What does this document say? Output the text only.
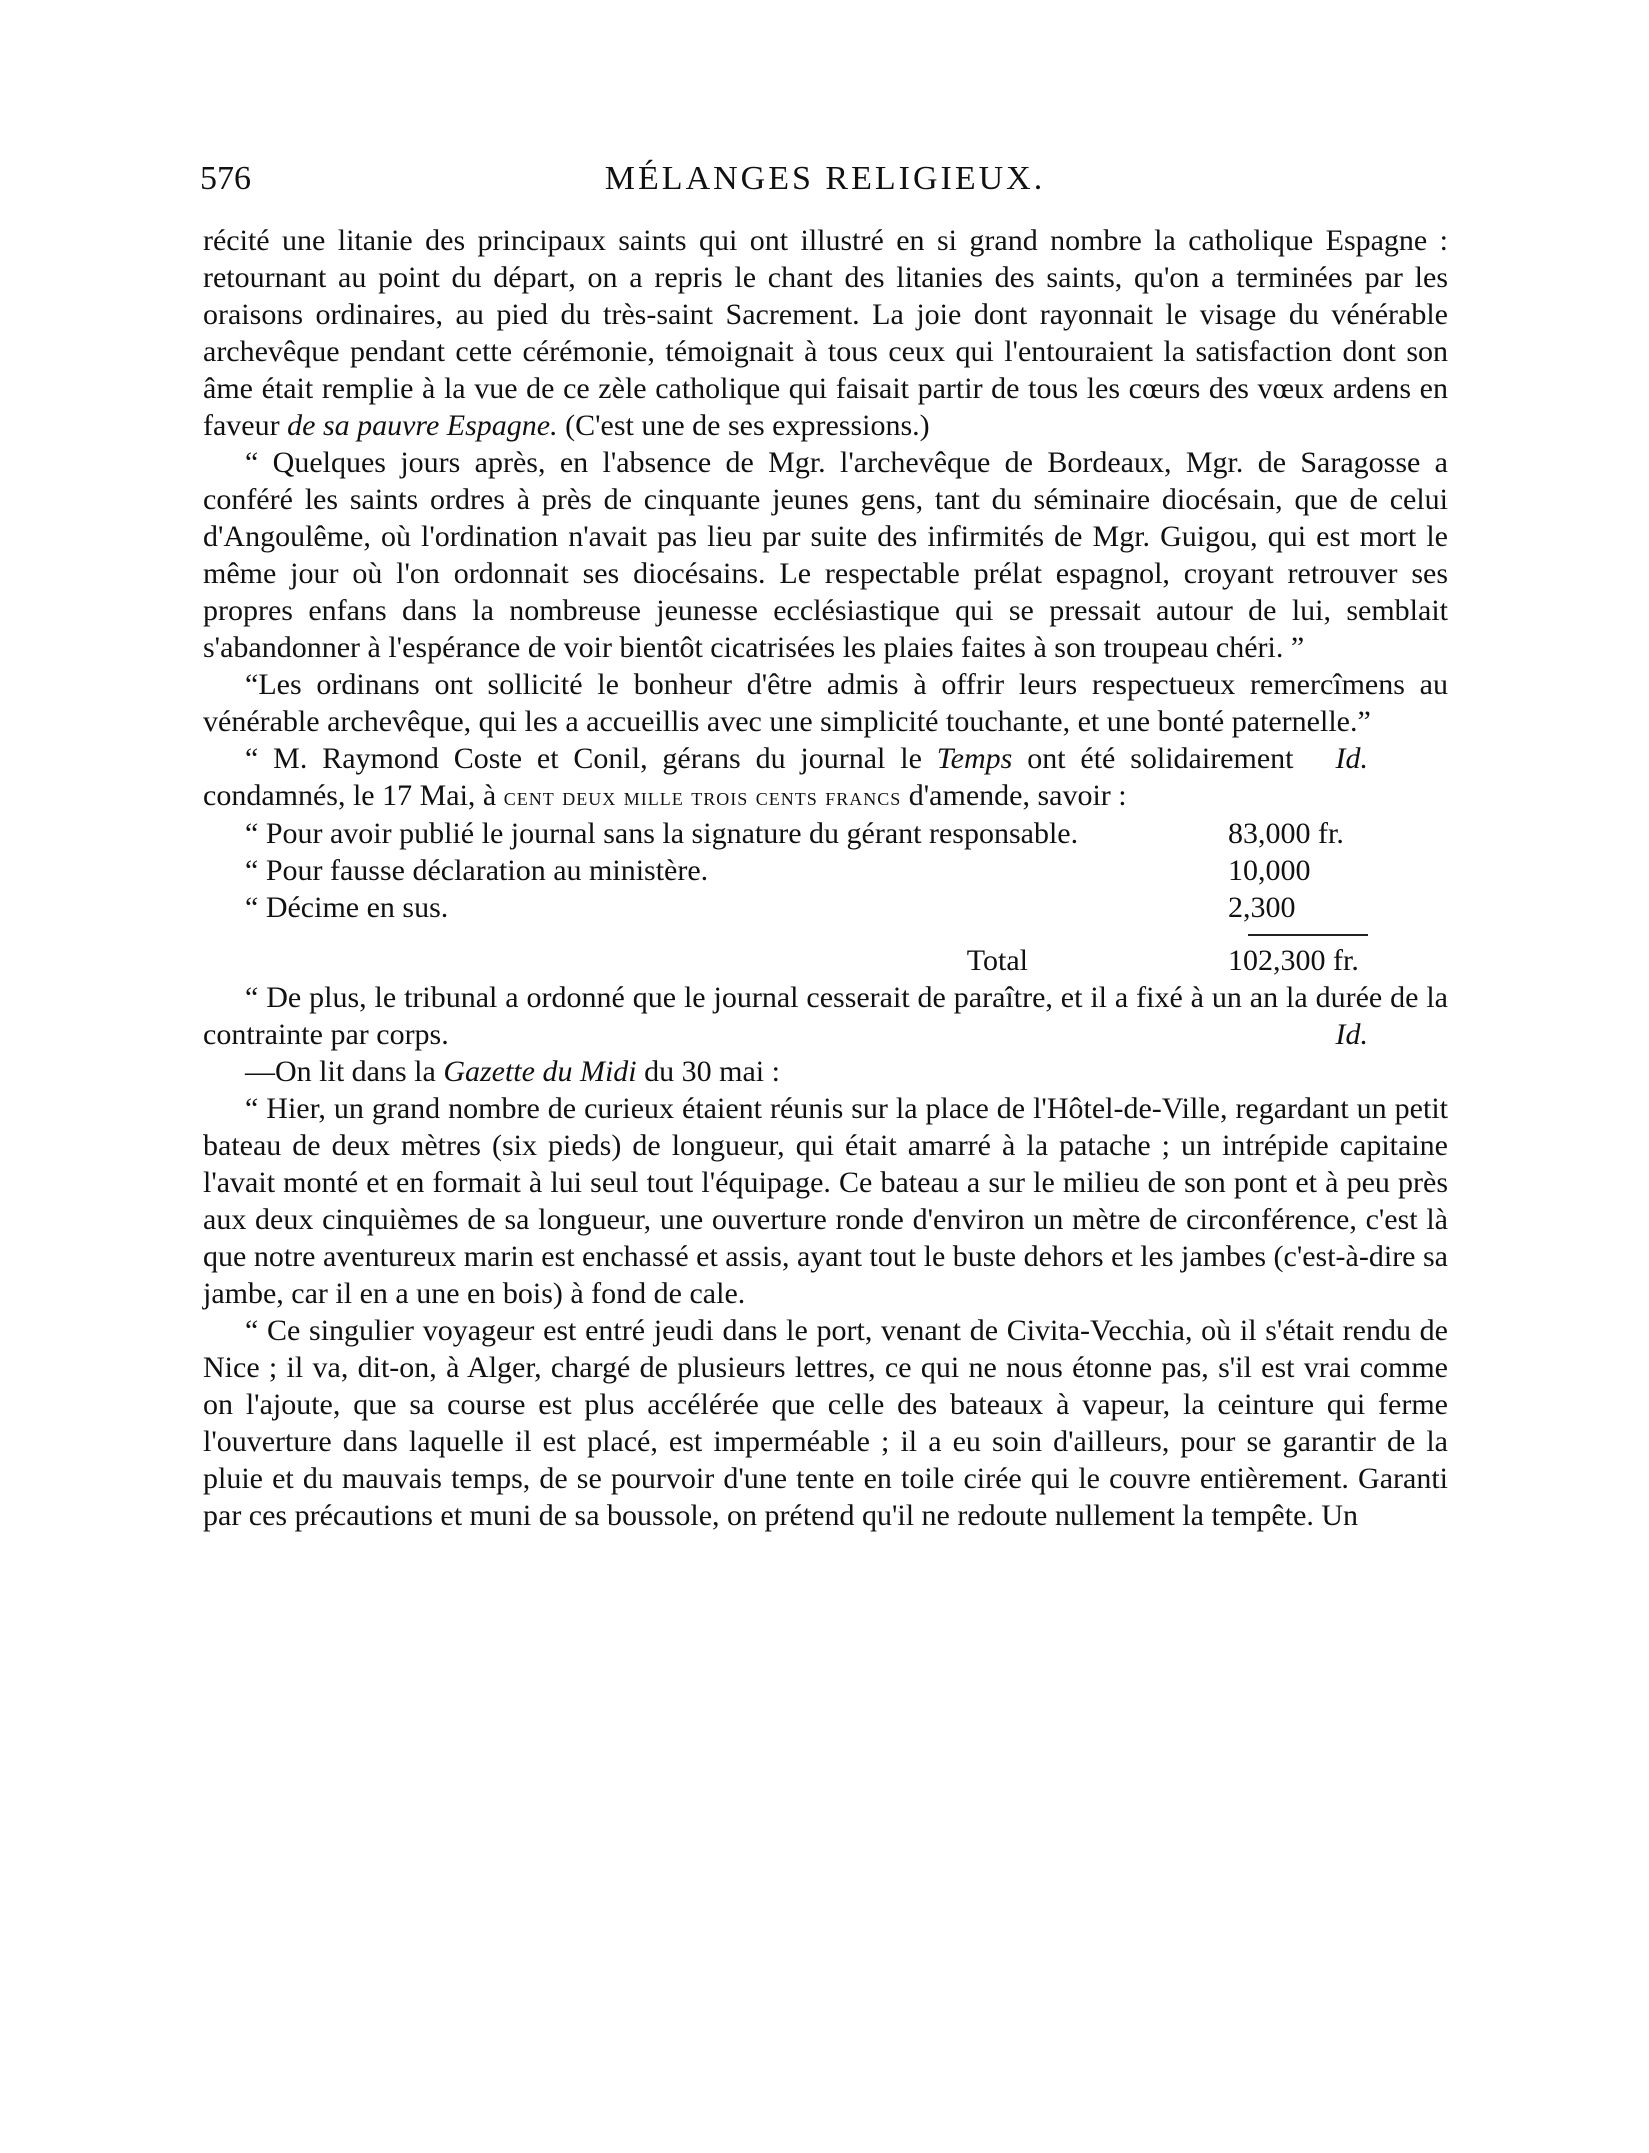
576	MÉLANGES RELIGIEUX.

récité une litanie des principaux saints qui ont illustré en si grand nombre la catholique Espagne : retournant au point du départ, on a repris le chant des litanies des saints, qu'on a terminées par les oraisons ordinaires, au pied du très-saint Sacrement. La joie dont rayonnait le visage du vénérable archevêque pendant cette cérémonie, témoignait à tous ceux qui l'entouraient la satisfaction dont son âme était remplie à la vue de ce zèle catholique qui faisait partir de tous les cœurs des vœux ardens en faveur de sa pauvre Espagne. (C'est une de ses expressions.)

“ Quelques jours après, en l'absence de Mgr. l'archevêque de Bordeaux, Mgr. de Saragosse a conféré les saints ordres à près de cinquante jeunes gens, tant du séminaire diocésain, que de celui d'Angoulême, où l'ordination n'avait pas lieu par suite des infirmités de Mgr. Guigou, qui est mort le même jour où l'on ordonnait ses diocésains. Le respectable prélat espagnol, croyant retrouver ses propres enfans dans la nombreuse jeunesse ecclésiastique qui se pressait autour de lui, semblait s'abandonner à l'espérance de voir bientôt cicatrisées les plaies faites à son troupeau chéri. ”

“Les ordinans ont sollicité le bonheur d'être admis à offrir leurs respectueux remercîmens au vénérable archevêque, qui les a accueillis avec une simplicité touchante, et une bonté paternelle.”
Id.

“ M. Raymond Coste et Conil, gérans du journal le Temps ont été solidairement condamnés, le 17 Mai, à cent deux mille trois cents francs d'amende, savoir :

“ Pour avoir publié le journal sans la signature du gérant responsable.	83,000 fr.
“ Pour fausse déclaration au ministère.	10,000
“ Décime en sus.	2,300
Total	102,300 fr.

“ De plus, le tribunal a ordonné que le journal cesserait de paraître, et il a fixé à un an la durée de la contrainte par corps.	Id.

—On lit dans la Gazette du Midi du 30 mai :

“ Hier, un grand nombre de curieux étaient réunis sur la place de l'Hôtel-de-Ville, regardant un petit bateau de deux mètres (six pieds) de longueur, qui était amarré à la patache ; un intrépide capitaine l'avait monté et en formait à lui seul tout l'équipage. Ce bateau a sur le milieu de son pont et à peu près aux deux cinquièmes de sa longueur, une ouverture ronde d'environ un mètre de circonférence, c'est là que notre aventureux marin est enchassé et assis, ayant tout le buste dehors et les jambes (c'est-à-dire sa jambe, car il en a une en bois) à fond de cale.

“ Ce singulier voyageur est entré jeudi dans le port, venant de Civita-Vecchia, où il s'était rendu de Nice ; il va, dit-on, à Alger, chargé de plusieurs lettres, ce qui ne nous étonne pas, s'il est vrai comme on l'ajoute, que sa course est plus accélérée que celle des bateaux à vapeur, la ceinture qui ferme l'ouverture dans laquelle il est placé, est imperméable ; il a eu soin d'ailleurs, pour se garantir de la pluie et du mauvais temps, de se pourvoir d'une tente en toile cirée qui le couvre entièrement. Garanti par ces précautions et muni de sa boussole, on prétend qu'il ne redoute nullement la tempête. Un
